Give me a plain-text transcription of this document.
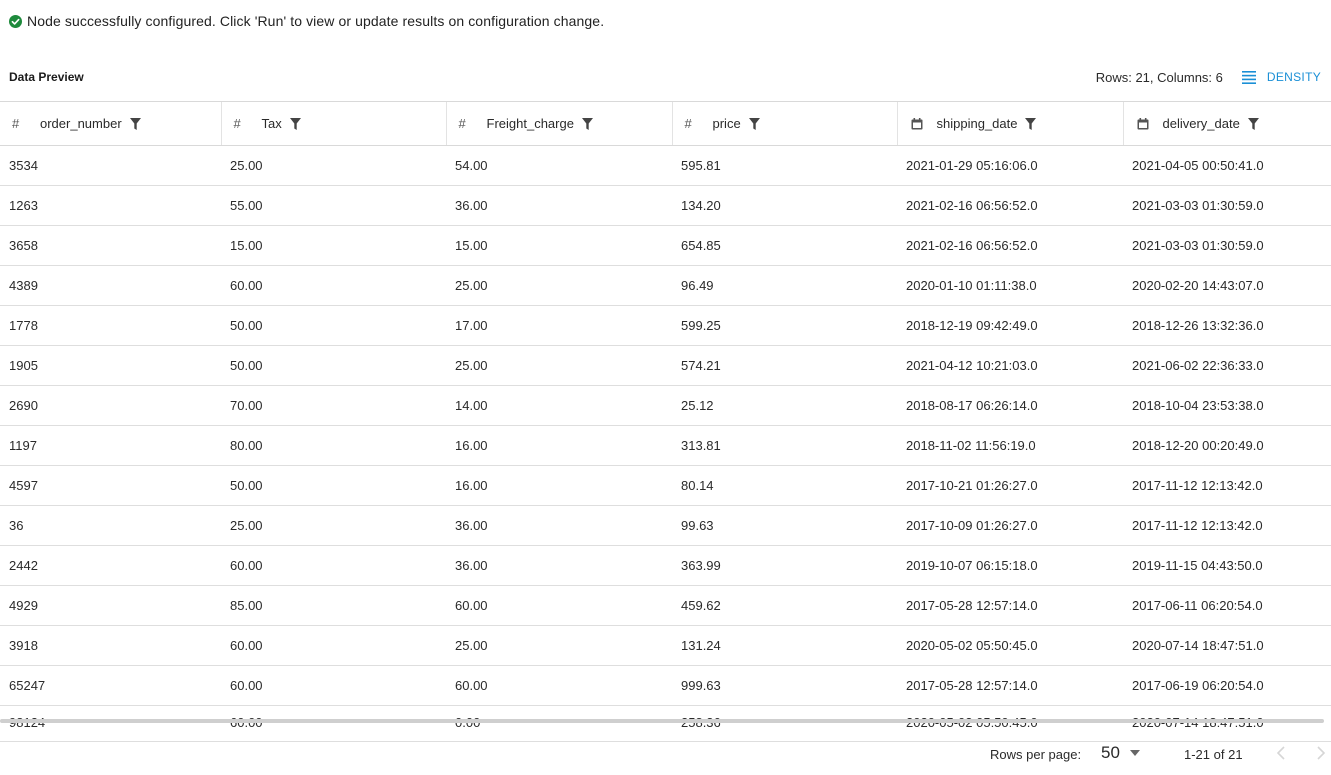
Node successfully configured. Click 'Run' to view or update results on configuration change.
Data Preview	Rows: 21, Columns: 6	DENSITY
# order_number	# Tax	# Freight_charge	# price	shipping_date	delivery_date

3534	25.00	54.00	595.81	2021-01-29 05:16:06.0	2021-04-05 00:50:41.0
1263	55.00	36.00	134.20	2021-02-16 06:56:52.0	2021-03-03 01:30:59.0
3658	15.00	15.00	654.85	2021-02-16 06:56:52.0	2021-03-03 01:30:59.0
4389	60.00	25.00	96.49	2020-01-10 01:11:38.0	2020-02-20 14:43:07.0
1778	50.00	17.00	599.25	2018-12-19 09:42:49.0	2018-12-26 13:32:36.0
1905	50.00	25.00	574.21	2021-04-12 10:21:03.0	2021-06-02 22:36:33.0
2690	70.00	14.00	25.12	2018-08-17 06:26:14.0	2018-10-04 23:53:38.0
1197	80.00	16.00	313.81	2018-11-02 11:56:19.0	2018-12-20 00:20:49.0
4597	50.00	16.00	80.14	2017-10-21 01:26:27.0	2017-11-12 12:13:42.0
36	25.00	36.00	99.63	2017-10-09 01:26:27.0	2017-11-12 12:13:42.0
2442	60.00	36.00	363.99	2019-10-07 06:15:18.0	2019-11-15 04:43:50.0
4929	85.00	60.00	459.62	2017-05-28 12:57:14.0	2017-06-11 06:20:54.0
3918	60.00	25.00	131.24	2020-05-02 05:50:45.0	2020-07-14 18:47:51.0
65247	60.00	60.00	999.63	2017-05-28 12:57:14.0	2017-06-19 06:20:54.0

Rows per page: 50	1-21 of 21
